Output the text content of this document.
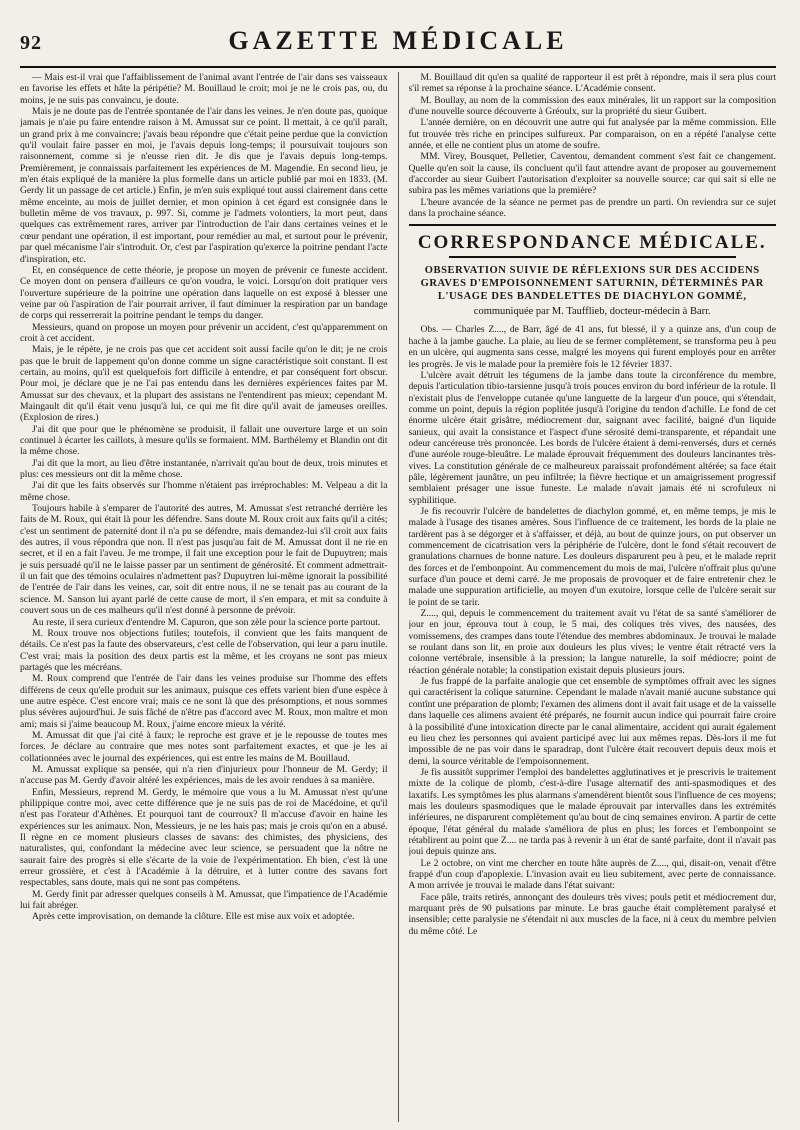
92	GAZETTE MÉDICALE

— Mais est-il vrai que l'affaiblissement de l'animal avant l'entrée de l'air dans ses vaisseaux en favorise les effets et hâte la péripétie? M. Bouillaud le croit; moi je ne le crois pas, ou, du moins, je ne suis pas convaincu, je doute.

Mais je ne doute pas de l'entrée spontanée de l'air dans les veines. Je n'en doute pas, quoique jamais je n'aie pu faire entendre raison à M. Amussat sur ce point. Il mettait, à ce qu'il paraît, un grand prix à me convaincre; j'avais beau répondre que c'était peine perdue que la conviction qu'il voulait faire passer en moi, je l'avais depuis long-temps; il poursuivait toujours son raisonnement, comme si je n'eusse rien dit. Je dis que je l'avais depuis long-temps. Premièrement, je connaissais parfaitement les expériences de M. Magendie. En second lieu, je m'en étais expliqué de la manière la plus formelle dans un article publié par moi en 1833. (M. Gerdy lit un passage de cet article.) Enfin, je m'en suis expliqué tout aussi clairement dans cette même enceinte, au mois de juillet dernier, et mon opinion à cet égard est consignée dans le bulletin même de vos travaux, p. 997. Si, comme je l'admets volontiers, la mort peut, dans quelques cas extrêmement rares, arriver par l'introduction de l'air dans certaines veines et le cœur pendant une opération, il est important, pour remédier au mal, et surtout pour le prévenir, par quel mécanisme l'air s'introduit. Or, c'est par l'aspiration qu'exerce la poitrine pendant l'acte d'inspiration, etc.

Et, en conséquence de cette théorie, je propose un moyen de prévenir ce funeste accident. Ce moyen dont on pensera d'ailleurs ce qu'on voudra, le voici. Lorsqu'on doit pratiquer vers l'ouverture supérieure de la poitrine une opération dans laquelle on est exposé à blesser une veine par où l'aspiration de l'air pourrait arriver, il faut diminuer la respiration par un bandage de corps qui resserrerait la poitrine pendant le temps du danger.

Messieurs, quand on propose un moyen pour prévenir un accident, c'est qu'apparemment on croit à cet accident.

Mais, je le répète, je ne crois pas que cet accident soit aussi facile qu'on le dit; je ne crois pas que le bruit de lappement qu'on donne comme un signe caractéristique soit constant. Il est certain, au moins, qu'il est quelquefois fort difficile à entendre, et par conséquent fort obscur. Pour moi, je déclare que je ne l'ai pas entendu dans les dernières expériences faites par M. Amussat sur des chevaux, et la plupart des assistans ne l'entendirent pas mieux; cependant M. Maingault dit qu'il était venu jusqu'à lui, ce qui me fit dire qu'il avait de jameuses oreilles. (Explosion de rires.)

J'ai dit que pour que le phénomène se produisit, il fallait une ouverture large et un soin continuel à écarter les caillots, à mesure qu'ils se formaient. MM. Barthélemy et Blandin ont dit la même chose.

J'ai dit que la mort, au lieu d'être instantanée, n'arrivait qu'au bout de deux, trois minutes et plus: ces messieurs ont dit la même chose.

J'ai dit que les faits observés sur l'homme n'étaient pas irréprochables: M. Velpeau a dit la même chose.

Toujours habile à s'emparer de l'autorité des autres, M. Amussat s'est retranché derrière les faits de M. Roux, qui était là pour les défendre. Sans doute M. Roux croit aux faits qu'il a cités; c'est un sentiment de paternité dont il n'a pu se défendre, mais demandez-lui s'il croit aux faits des autres, il vous répondra que non. Il n'est pas jusqu'au fait de M. Amussat dont il ne rie en secret, et il en a fait l'aveu. Je me trompe, il fait une exception pour le fait de Dupuytren; mais je suis persuadé qu'il ne le laisse passer par un sentiment de générosité. Et comment admettrait-il un fait que des témoins oculaires n'admettent pas? Dupuytren lui-même ignorait la possibilité de l'entrée de l'air dans les veines, car, soit dit entre nous, il ne se tenait pas au courant de la science. M. Sanson lui ayant parlé de cette cause de mort, il s'en empara, et mit sa conduite à couvert sous un de ces malheurs qu'il n'est donné à personne de prévoir.

Au reste, il sera curieux d'entendre M. Capuron, que son zèle pour la science porte partout.

M. Roux trouve nos objections futiles; toutefois, il convient que les faits manquent de détails. Ce n'est pas la faute des observateurs, c'est celle de l'observation, qui leur a paru inutile. C'est vrai; mais la position des deux partis est la même, et les croyans ne sont pas mieux partagés que les mécréans.

M. Roux comprend que l'entrée de l'air dans les veines produise sur l'homme des effets différens de ceux qu'elle produit sur les animaux, puisque ces effets varient bien d'une espèce à une autre espèce. C'est encore vrai; mais ce ne sont là que des présomptions, et nous sommes plus sévères aujourd'hui. Je suis fâché de n'être pas d'accord avec M. Roux, mon maître et mon ami; mais si j'aime beaucoup M. Roux, j'aime encore mieux la vérité.

M. Amussat dit que j'ai cité à faux; le reproche est grave et je le repousse de toutes mes forces. Je déclare au contraire que mes notes sont parfaitement exactes, et que je les ai collationnées avec le journal des expériences, qui est entre les mains de M. Bouillaud.

M. Amussat explique sa pensée, qui n'a rien d'injurieux pour l'honneur de M. Gerdy; il n'accuse pas M. Gerdy d'avoir altéré les expériences, mais de les avoir rendues à sa manière.

Enfin, Messieurs, reprend M. Gerdy, le mémoire que vous a lu M. Amussat n'est qu'une philippique contre moi, avec cette différence que je ne suis pas de roi de Macédoine, et qu'il n'est pas l'orateur d'Athènes. Et pourquoi tant de courroux? Il m'accuse d'avoir en haine les expériences sur les animaux. Non, Messieurs, je ne les hais pas; mais je crois qu'on en a abusé. Il règne en ce moment plusieurs classes de savans: des chimistes, des physiciens, des naturalistes, qui, confondant la médecine avec leur science, se persuadent que la nôtre ne saurait faire des progrès si elle s'écarte de la voie de l'expérimentation. Eh bien, c'est là une erreur grossière, et c'est à l'Académie à la détruire, et à lutter contre des savans fort respectables, sans doute, mais qui ne sont pas compétens.

M. Gerdy finit par adresser quelques conseils à M. Amussat, que l'impatience de l'Académie lui fait abréger.

Après cette improvisation, on demande la clôture. Elle est mise aux voix et adoptée.

M. Bouillaud dit qu'en sa qualité de rapporteur il est prêt à répondre, mais il sera plus court s'il remet sa réponse à la prochaine séance. L'Académie consent.

M. Boullay, au nom de la commission des eaux minérales, lit un rapport sur la composition d'une nouvelle source découverte à Gréoulx, sur la propriété du sieur Guibert.

L'année dernière, on en découvrit une autre qui fut analysée par la même commission. Elle fut trouvée très riche en principes sulfureux. Par comparaison, on en a répété l'analyse cette année, et elle ne contient plus un atome de soufre.

MM. Virey, Bousquet, Pelletier, Caventou, demandent comment s'est fait ce changement. Quelle qu'en soit la cause, ils concluent qu'il faut attendre avant de proposer au gouvernement d'accorder au sieur Guibert l'autorisation d'exploiter sa nouvelle source; car qui sait si elle ne subira pas les mêmes variations que la première?

L'heure avancée de la séance ne permet pas de prendre un parti. On reviendra sur ce sujet dans la prochaine séance.

CORRESPONDANCE MÉDICALE.
OBSERVATION SUIVIE DE RÉFLEXIONS SUR DES ACCIDENS GRAVES D'EMPOISONNEMENT SATURNIN, DÉTERMINÉS PAR L'USAGE DES BANDELETTES DE DIACHYLON GOMMÉ,
communiquée par M. Taufflieb, docteur-médecin à Barr.

Obs. — Charles Z...., de Barr, âgé de 41 ans, fut blessé, il y a quinze ans, d'un coup de hache à la jambe gauche. La plaie, au lieu de se fermer complètement, se transforma peu à peu en un ulcère, qui augmenta sans cesse, malgré les moyens qui furent employés pour en arrêter les progrès. Je vis le malade pour la première fois le 12 février 1837.

L'ulcère avait détruit les tégumens de la jambe dans toute la circonférence du membre, depuis l'articulation tibio-tarsienne jusqu'à trois pouces environ du bord inférieur de la rotule. Il n'existait plus de l'enveloppe cutanée qu'une languette de la largeur d'un pouce, qui s'étendait, comme un point, depuis la région poplitée jusqu'à l'origine du tendon d'achille. Le fond de cet énorme ulcère était grisâtre, médiocrement dur, saignant avec facilité, baigné d'un liquide sanieux, qui avait la consistance et l'aspect d'une sérosité demi-transparente, et répandait une odeur cancéreuse très prononcée. Les bords de l'ulcère étaient à demi-renversés, durs et cernés d'une auréole rouge-bleuâtre. Le malade éprouvait fréquemment des douleurs lancinantes très-vives. La constitution générale de ce malheureux paraissait profondément altérée; sa face était pâle, légèrement jaunâtre, un peu infiltrée; la fièvre hectique et un amaigrissement progressif semblaient présager une issue funeste. Le malade n'avait jamais été ni scrofuleux ni syphilitique.

Je fis recouvrir l'ulcère de bandelettes de diachylon gommé, et, en même temps, je mis le malade à l'usage des tisanes amères. Sous l'influence de ce traitement, les bords de la plaie ne tardèrent pas à se dégorger et à s'affaisser, et déjà, au bout de quinze jours, on put observer un commencement de cicatrisation vers la périphérie de l'ulcère, dont le fond s'était recouvert de granulations charnues de bonne nature. Les douleurs disparurent peu à peu, et le malade reprit des forces et de l'embonpoint. Au commencement du mois de mai, l'ulcère n'offrait plus qu'une surface d'un pouce et demi carré. Je me proposais de provoquer et de faire entretenir chez le malade une suppuration artificielle, au moyen d'un exutoire, lorsque celle de l'ulcère serait sur le point de se tarir.

Z...., qui, depuis le commencement du traitement avait vu l'état de sa santé s'améliorer de jour en jour, éprouva tout à coup, le 5 mai, des coliques très vives, des nausées, des vomissemens, des crampes dans toute l'étendue des membres abdominaux. Je trouvai le malade se roulant dans son lit, en proie aux douleurs les plus vives; le ventre était rétracté vers la colonne vertébrale, insensible à la pression; la langue naturelle, la soif médiocre; point de réaction générale notable; la constipation existait depuis plusieurs jours.

Je fus frappé de la parfaite analogie que cet ensemble de symptômes offrait avec les signes qui caractérisent la colique saturnine. Cependant le malade n'avait manié aucune substance qui contînt une préparation de plomb; l'examen des alimens dont il avait fait usage et de la vaisselle dans laquelle ces alimens avaient été préparés, ne fournit aucun indice qui pourrait faire croire à la possibilité d'une intoxication directe par le canal alimentaire, accident qui aurait également eu lieu chez les personnes qui avaient participé avec lui aux mêmes repas. Dès-lors il me fut impossible de ne pas voir dans le sparadrap, dont l'ulcère était recouvert depuis deux mois et demi, la source véritable de l'empoisonnement.

Je fis aussitôt supprimer l'emploi des bandelettes agglutinatives et je prescrivis le traitement mixte de la colique de plomb, c'est-à-dire l'usage alternatif des anti-spasmodiques et des laxatifs. Les symptômes les plus alarmans s'amendèrent bientôt sous l'influence de ces moyens; mais les douleurs spasmodiques que le malade éprouvait par intervalles dans les extrémités inférieures, ne disparurent complètement qu'au bout de cinq semaines environ. A partir de cette époque, l'état général du malade s'améliora de plus en plus; les forces et l'embonpoint se rétablirent au point que Z.... ne tarda pas à revenir à un état de santé parfaite, dont il n'avait pas joui depuis quinze ans.

Le 2 octobre, on vint me chercher en toute hâte auprès de Z...., qui, disait-on, venait d'être frappé d'un coup d'apoplexie. L'invasion avait eu lieu subitement, avec perte de connaissance. A mon arrivée je trouvai le malade dans l'état suivant:

Face pâle, traits retirés, annonçant des douleurs très vives; pouls petit et médiocrement dur, marquant près de 90 pulsations par minute. Le bras gauche était complètement paralysé et insensible; cette paralysie ne s'étendait ni aux muscles de la face, ni à ceux du membre pelvien du même côté. Le
